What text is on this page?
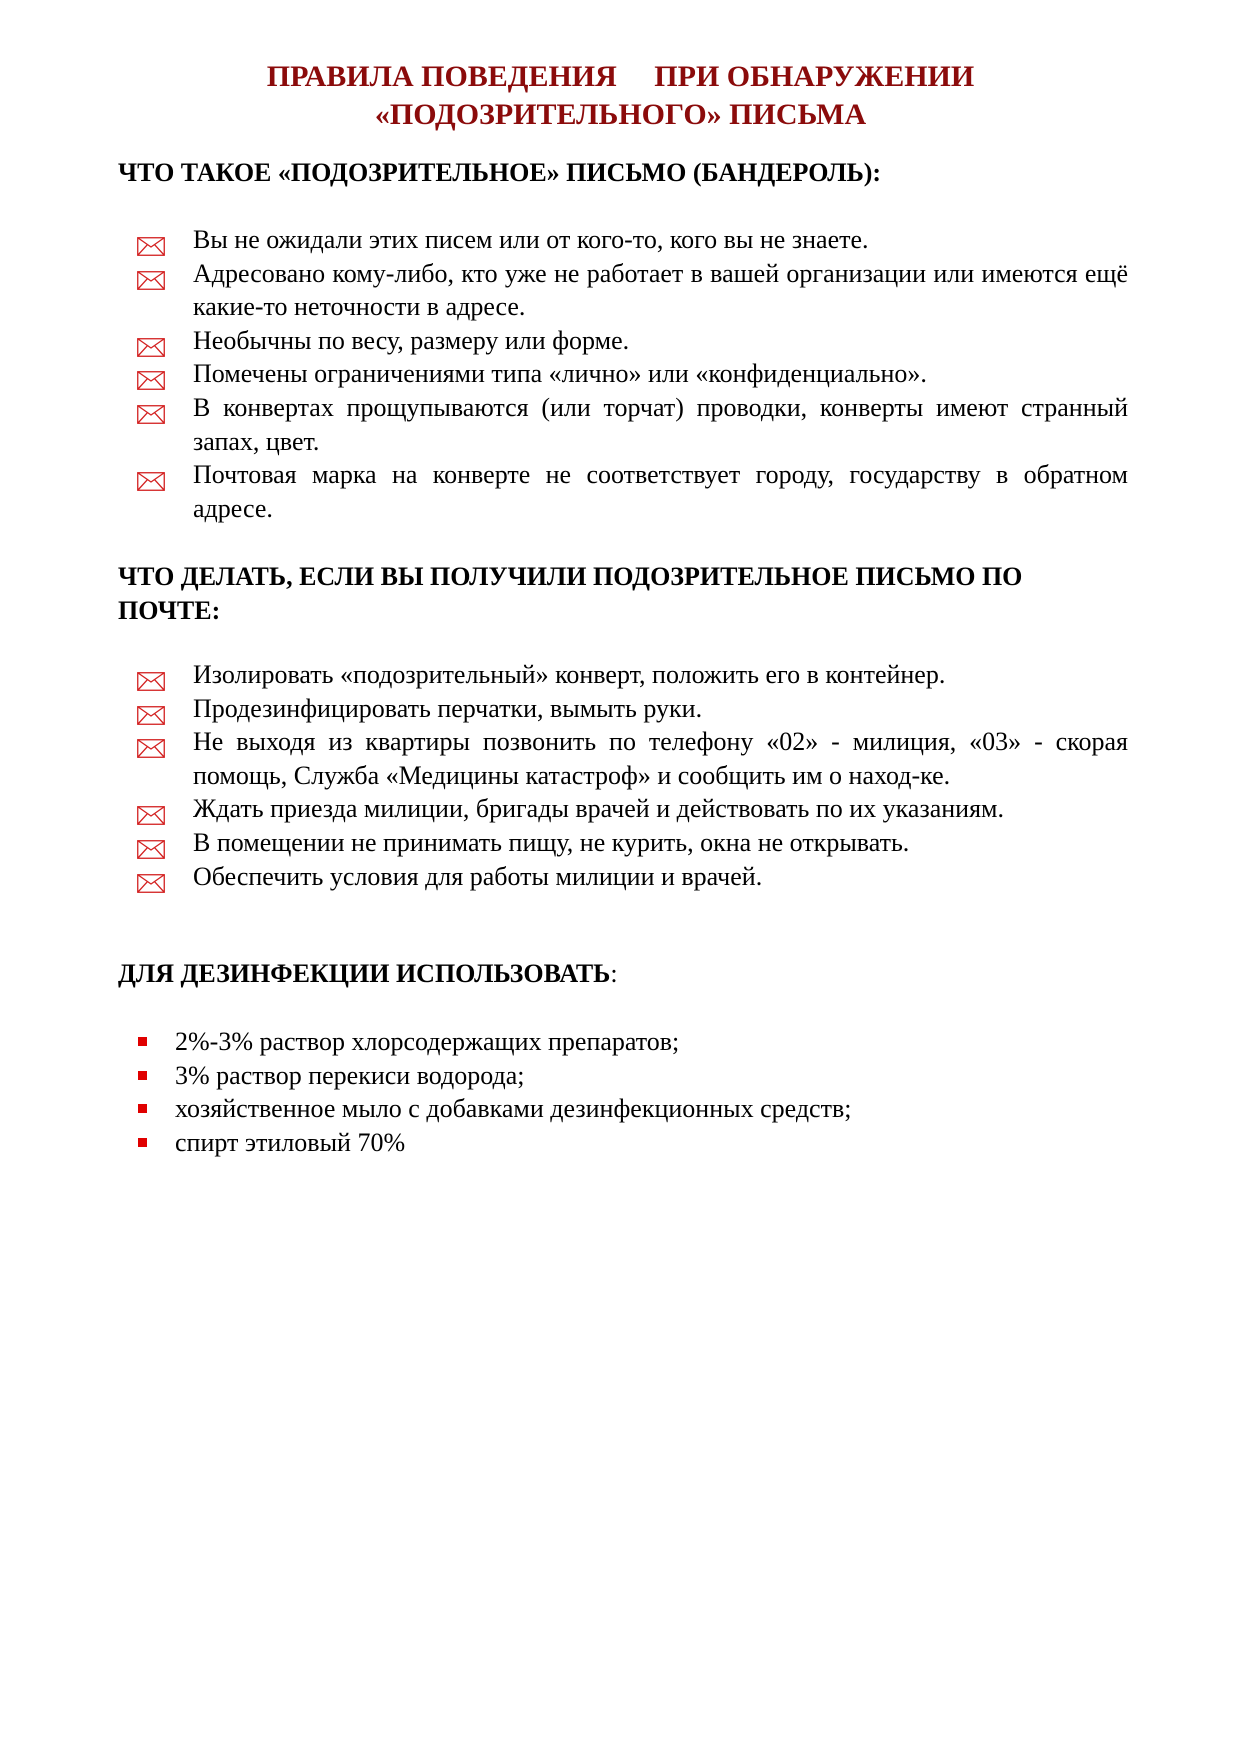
ПРАВИЛА ПОВЕДЕНИЯ     ПРИ ОБНАРУЖЕНИИ
«ПОДОЗРИТЕЛЬНОГО» ПИСЬМА
ЧТО ТАКОЕ «ПОДОЗРИТЕЛЬНОЕ» ПИСЬМО (БАНДЕРОЛЬ):
Вы не ожидали этих писем или от кого-то, кого вы не знаете.
Адресовано кому-либо, кто уже не работает в вашей организации или имеются ещё какие-то неточности в адресе.
Необычны по весу, размеру или форме.
Помечены ограничениями типа «лично» или «конфиденциально».
В конвертах прощупываются (или торчат) проводки, конверты имеют странный запах, цвет.
Почтовая марка на конверте не соответствует городу, государству в обратном адресе.
ЧТО ДЕЛАТЬ, ЕСЛИ ВЫ ПОЛУЧИЛИ ПОДОЗРИТЕЛЬНОЕ ПИСЬМО ПО ПОЧТЕ:
Изолировать «подозрительный» конверт, положить его в контейнер.
Продезинфицировать перчатки, вымыть руки.
Не выходя из квартиры позвонить по телефону «02» - милиция, «03» - скорая помощь, Служба «Медицины катастроф» и сообщить им о наход-ке.
Ждать приезда милиции, бригады врачей и действовать по их указаниям.
В помещении не принимать пищу, не курить, окна не открывать.
Обеспечить условия для работы милиции и врачей.
ДЛЯ ДЕЗИНФЕКЦИИ ИСПОЛЬЗОВАТЬ:
2%-3% раствор хлорсодержащих препаратов;
3% раствор перекиси водорода;
хозяйственное мыло с добавками дезинфекционных средств;
спирт этиловый 70%
